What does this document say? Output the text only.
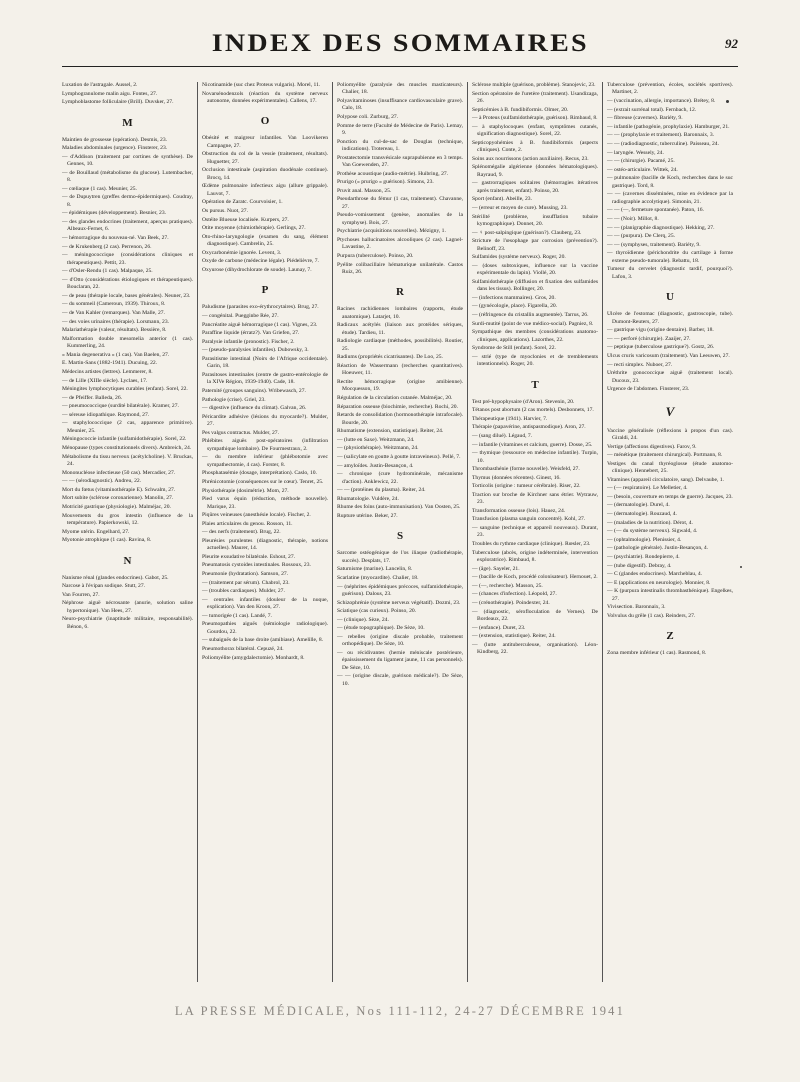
92
INDEX DES SOMMAIRES
Luxation de l'astragale. Aussel, 2.
Lymphogranulome malin aigu. Fontes, 27.
Lymphoblastome folliculaire (Brill). Duvsker, 27.
M
Maintien de grossesse (opération). Desmis, 23.
Maladies abdominales (urgence). Finsterer, 23.
— d'Addison (traitement par cortines de synthèse). De Gennes, 10.
— de Bouillaud (métabolisme du glucose). Lutembacher, 8.
— cœliaque (1 cas). Meunier, 25.
— de Dupuytren (greffes dermo-épidermiques). Coudray, 8.
— épidémiques (développement). Besnier, 23.
— des glandes endocrines (traitement, aperçus pratiques). Albeaux-Fernet, 6.
— hémorragique du nouveau-né. Van Beek, 27.
— de Krukenberg (2 cas). Perrenon, 26.
— méningococcique (considérations cliniques et thérapeutiques). Pettit, 23.
— d'Osler-Rendu (1 cas). Malpaque, 25.
— d'Otto (considérations étiologiques et thérapeutiques). Bouclaran, 22.
— de peau (thérapie locale, bases générales). Neuner, 23.
— du sommeil (Cameroun, 1939). Thiroux, 8.
— de Van Kahler (remarques). Van Malle, 27.
— des voies urinaires (thérapie). Lorsmann, 23.
Malariathérapie (valeur, résultats). Bessière, 8.
Malformation double mesomelia anterior (1 cas). Kummerling, 24.
« Mania degenerativa » (1 cas). Van Baelen, 27.
E. Martin-Sans (1882-1941). Ducuing, 22.
Médecins artistes (lettres). Lemmerer, 8.
— de Lille (XIIIe siècle). Lyclaes, 17.
Méningites lymphocytiques curables (enfant). Sorel, 22.
— de Pfeiffer. Balleda, 26.
— pneumococcique (surdité bilatérale). Kramer, 27.
— séreuse idiopathique. Raymond, 27.
— staphylococcique (2 cas, apparence primitive). Meunier, 25.
Méningococcie infantile (sulfamidothérapie). Sorel, 22.
Ménopause (types constitutionnels divers). Ambreich, 24.
Métabolisme du tissu nerveux (acétylcholine). V. Bruckas, 24.
Mononucléose infectieuse (50 cas). Mercadier, 27.
— — (sérodiagnostic). Andreu, 22.
Mort du fœtus (vitaminothérapie E). Schwalm, 27.
Mort subite (sclérose coronarienne). Manolin, 27.
Motricité gastrique (physiologie). Malméjac, 20.
Mouvements du gros intestin (influence de la température). Papierkowski, 12.
Myome utérin. Engelhard, 27.
Myotonie atrophique (1 cas). Ravina, 8.
N
Nanisme rénal (glandes endocrines). Gabot, 25.
Narcose à l'évipan sodique. Stutt, 27.
Van Fourren, 27.
Néphrose aiguë nécrosante (anurie, solution saline hypertonique). Van Hees, 27.
Neuro-psychiatrie (inaptitude militaire, responsabilité). Bénon, 6.
Nicotinamide (suc chez Proteus vulgaris). Morel, 11.
Novarsénodenzols (réaction du système nerveux autonome, données expérimentales). Callens, 17.
O
Obésité et maigreur infantiles. Van Loovikeren Campagne, 27.
Obstruction du col de la vessie (traitement, résultats). Huguetter, 27.
Occlusion intestinale (aspiration duodénale continue). Brocq, 14.
Œdème pulmonaire infectieux aigu (allure grippale). Lauvot, 7.
Opération de Zaratc. Courvoisier, 1.
Os pursus. Nuot, 27.
Ostéite Blueuse localisée. Kurpers, 27.
Otite moyenne (chimiothérapie). Gerlings, 27.
Oto-rhino-laryngologie (examen du sang, élément diagnostique). Cambrelin, 25.
Oxycarbonémie ignorée. Levent, 3.
Oxyde de carbone (médecine légale). Piédelièvre, 7.
Oxyurose (dihydrochlorate de soude). Launay, 7.
P
Paludisme (parasites exo-érythrocytaires). Brug, 27.
— congénital. Puegginbe Rée, 27.
Pancréatite aiguë hémorragique (1 cas). Vignes, 23.
Paraffine liquide (érratz?). Van Griefen, 27.
Paralysie infantile (pronostic). Fischer, 2.
— (pseudo-paralysies infantiles). Dubowsky, 3.
Parasitisme intestinal (Noirs de l'Afrique occidentale). Garin, 18.
Parasitoses intestinales (centre de gastro-entérologie de la XIVe Région, 1939-1940). Cade, 18.
Paternité (groupes sanguins). Wribewasch, 27.
Pathologie (crise). Griel, 23.
— digestive (influence du climat). Galvan, 26.
Péricardite adhésive (lésions du myocarde?). Mulder, 27.
Pes valgus contractus. Mulder, 27.
Phlébites aiguës post-opératoires (infiltration sympathique lombaire). De Fourmestraux, 2.
— du membre inférieur (phlébotomie avec sympathectomie, 4 cas). Forster, 8.
Phosphatasémie (dosage, interprétation). Caslo, 10.
Phrénicotomie (conséquences sur le cœur). Tenret, 25.
Physiothérapie (dosimétrie). Mom, 27.
Pied varus équin (réduction, méthode nouvelle). Marique, 23.
Piqûres veineuses (anesthésie locale). Fischer, 2.
Plaies articulaires du genou. Rosson, 11.
— des nerfs (traitement). Brug, 22.
Pleurésies purulentes (diagnostic, thérapie, notions actuelles). Maurer, 14.
Pleurite exsudative bilatérale. Eshout, 27.
Pneumatosis cystoides intestinales. Rossoux, 23.
Pneumonie (hydratation). Samson, 27.
— (traitement par sérum). Chabrol, 23.
— (troubles cardiaques). Mulder, 27.
— centrales infantiles (douleur de la nuque, explication). Van den Kroon, 27.
— tumorigée (1 cas). Landé, 7.
Pneumopathies aiguës (sémiologie radiologique). Gourdou, 22.
— subaiguës de la base droite (amibiase). Amelille, 8.
Pneumothorax bilatéral. Cepuzé, 24.
Poliomyélite (amygdalectomie). Monhardt, 8.
Poliomyélite (paralysie des muscles masticateurs). Chalier, 18.
Polyavitaminoses (insuffisance cardiovasculaire grave). Calo, 18.
Polypose coli. Zurburg, 27.
Pomme de terre (Faculté de Médecine de Paris). Lemay, 9.
Ponction du cul-de-sac de Douglas (technique, indications). Trotereau, 1.
Prostatectomie transvésicale suprapubienne en 3 temps. Van Goewenden, 27.
Prothèse acoustique (audio-métrie). Huibring, 27.
Prurigo (« prurigo » guérison). Simons, 23.
Pruvit anal. Masson, 25.
Pseudarthrose du fémur (1 cas, traitement). Chavanne, 27.
Pseudo-vomissement (genèse, anomalies de la symphyse). Bois, 27.
Psychiatrie (acquisitions nouvelles). Mézigny, 1.
Ptychoses hallucinatoires alcooliques (2 cas). Lagnel-Lavastine, 2.
Purpura (tuberculose). Poinso, 20.
Pyélite colibacillaire hématurique unilatérale. Castos Ruiz, 26.
R
Racines rachidiennes lombaires (rapports, étude anatomique). Latarjet, 10.
Radicaux acétylés (liaison aux protéides sériques, étude). Tardieu, 11.
Radiologie cardiaque (méthodes, possibilités). Routier, 25.
Radiums (propriétés cicatrisantes). De Loo, 25.
Réaction de Wassermann (recherches quantitatives). Hoeuwer, 11.
Rectite hémorragique (origine amibienne). Mocquesson, 19.
Régulation de la circulation cutanée. Malméjac, 20.
Réparation osseuse (biochimie, recherche). Rochi, 20.
Retards de consolidation (hormonothérapie intrafocale). Bourde, 20.
Rhumatisme (extension, statistique). Reiter, 24.
— (lutte en Saxe). Weitzmann, 24.
— (physiothérapie). Weitzmann, 24.
— (salicylate en goutte à goutte intraveineux). Pellé, 7.
— amyloïdes. Justin-Besançon, 4.
— chronique (cure hydrominérale, mécanisme d'action). Anklewicz, 22.
— — (protéines du plasma). Reiter, 24.
Rhumatologie. Vuldère, 24.
Rhume des foins (auto-immunisation). Van Oosten, 25.
Rupture utérine. Beker, 27.
S
Sarcome ostéogénique de l'os iliaque (radiothérapie, succès). Desplats, 17.
Saturnisme (marine). Lancelin, 8.
Scarlatine (myocardite). Chalier, 18.
— (néphrites épidémiques précoces, sulfamidothérapie, guérison). Dalous, 23.
Schizophrénie (système nerveux végétatif). Dozmi, 23.
Sciatique (cas curieux). Poinso, 20.
— (clinique). Sèze, 24.
— (étude topographique). De Sèze, 10.
— rebelles (origine discale probable, traitement orthopédique). De Sèze, 10.
— ou récidivantes (hernie méniscale postérieure, épaississement du ligament jaune, 11 cas personnels). De Sèze, 10.
— — (origine discale, guérison médicale?). De Sèze, 10.
Sclérose multiple (guérison, problème). Stanojevic, 23.
Section opératoire de l'uretère (traitement). Usandizaga, 26.
Septicémies à B. fundibiformis. Olmer, 20.
— à Proteus (sulfamidothérapie, guérison). Rimbaud, 8.
— à staphylocoques (enfant, symptômes cutanés, signification diagnostique). Sorel, 22.
Septicopyohémies à B. fundibiformis (aspects cliniques). Conte, 2.
Soins aux nourrissons (action auxiliaire). Recus, 23.
Splénomégalie algérienne (données hématologiques). Rayraud, 9.
— gastrorragiques solitaires (hémorragies itératives après traitement, enfant). Poinso, 20.
Sport (enfant). Abeille, 23.
— (erreur et moyen de cure). Mussing, 23.
Stérilité (problème, insufflation tubaire kymographique). Donnet, 20.
— ♀ post-salpingique (guérison?). Clauberg, 23.
Stricture de l'œsophage par corrosion (prévention?). Belinoff, 23.
Sulfamides (système nerveux). Roger, 20.
— (doses subtoxiques, influence sur la vaccine expérimentale du lapin). Viollé, 20.
Sulfamidothérapie (diffusion et fixation des sulfamides dans les tissus). Bollinger, 20.
— (infections mammaires). Gros, 20.
— (gynécologie, place). Figarella, 20.
— (réfringence du cristallin augmentée). Tarrus, 26.
Surdi-mutité (point de vue médico-social). Pagniez, 8.
Sympathique des membres (considérations anatomo-cliniques, applications). Lazorthes, 22.
Syndrome de Still (enfant). Sorel, 22.
— strié (type de myoclonies et de tremblements intentionnels). Roger, 20.
T
Test pré-hypophysaire (d'Aron). Stevenin, 20.
Tétanos post abortum (2 cas mortels). Desbonnets, 17.
Thérapeutique (1941). Harvier, 7.
Thérapie (papavérine, antispasmodique). Aron, 27.
— (sang dilué). Légaud, 7.
— infantile (vitamines et calcium, guerre). Dosse, 25.
— thymique (ressource en médecine infantile). Turpin, 10.
Thrombasthénie (forme nouvelle). Weisfeld, 27.
Thymus (données récentes). Ginest, 16.
Torticolis (origine : tumeur cérébrale). Riser, 22.
Traction sur broche de Kirchner sans étrier. Wytrauw, 23.
Transformation osseuse (lois). Hauez, 24.
Transfusion (plasma sanguin concentré). Kohl, 27.
— sanguine (technique et appareil nouveaux). Durant, 23.
Troubles du rythme cardiaque (clinique). Rœsler, 23.
Tuberculose (abcès, origine indéterminée, intervention exploratrice). Rimbaud, 8.
— (âge). Sayeler, 21.
— (bacille de Koch, procédé colonisateur). Hernouet, 2.
— (—, recherche). Masson, 25.
— (chances d'infection). Léopold, 27.
— (crénothérapie). Poindexter, 24.
— (diagnostic, sérofloculation de Vernes). De Bordeaux, 22.
— (enfance). Duret, 23.
— (extension, statistique). Reiter, 24.
— (lutte antituberculeuse, organisation). Léon-Kindberg, 22.
Tuberculose (prévention, écoles, sociétés sportives). Martinet, 2.
— (vaccination, allergie, importance). Brétey, 8.
— (extrait surrénal total). Fernbach, 12.
— fibreuse (cavernes). Bariéty, 9.
— infantile (pathogénie, prophylaxie). Hamburger, 21.
— — (prophylaxie et traitement). Baronnaix, 3.
— — (radiodiagnostic, tuberculine). Paisseau, 24.
— laryngée. Wessely, 24.
— — (chirurgie). Pacamé, 25.
— ostéo-articulaire. Wittek, 24.
— pulmonaire (bacille de Koch, recherches dans le suc gastrique). Tord, 8.
— — (cavernes disséminées, mise en évidence par la radiographie accolytique). Simonin, 21.
— — (—, fermeture spontanée). Paton, 16.
— — (Noir). Millot, 8.
— — (planigraphie diagnostique). Hekking, 27.
— — (purpura). De Clerq, 25.
— — (symphyses, traitement). Bariéty, 9.
— thyroïdienne (périchondrite du cartilage à forme externe pseudo-tumorale). Rebattu, 18.
Tumeur du cervelet (diagnostic tardif, pourquoi?). Lafon, 3.
U
Ulcère de l'estomac (diagnostic, gastroscopie, tube). Dumont-Reuters, 27.
— gastrique vigu (origine dentaire). Barber, 18.
— — perforé (chirurgie). Zaaijer, 27.
— peptique (tuberculose gastrique?). Gostz, 26.
Ulcus cruris varicosum (traitement). Van Leeuwen, 27.
— recti simplex. Nuboer, 27.
Uréthrite gonococcique aiguë (traitement local). Ducoux, 23.
Urgence de l'abdomen. Finsterer, 23.
V
Vaccine généralisée (réflexions à propos d'un cas). Giraldi, 24.
Vertige (affections digestives). Farov, 9.
— ménétique (traitement chirurgical). Portmann, 8.
Vestiges du canal thyréoglosse (étude anatomo-clinique). Hennebert, 25.
Vitamines (appareil circulatoire, sang). Delvaube, 1.
— (— respiratoire). Le Melletier, 4.
— (besoin, couverture en temps de guerre). Jacques, 23.
— (dermatologie). Durel, 4.
— (dermatologie). Rouzaud, 4.
— (maladies de la nutrition). Dérot, 4.
— (— du système nerveux). Sigwald, 4.
— (ophtalmologie). Plenissier, 4.
— (pathologie générale). Justin-Besançon, 4.
— (psychiatrie). Rondepierre, 4.
— (tube digestif). Debray, 4.
— C (glandes endocrines). Marcheblau, 4.
— E (applications en neurologie). Monnier, 8.
— K (purpura intestinalis thrombasthénique). Engelkes, 27.
Vivisection. Baronnaix, 3.
Volvulus du grêle (1 cas). Reinders, 27.
Z
Zona membre inférieur (1 cas). Rasmond, 8.
LA PRESSE MÉDICALE, Nos 111-112, 24-27 DÉCEMBRE 1941
